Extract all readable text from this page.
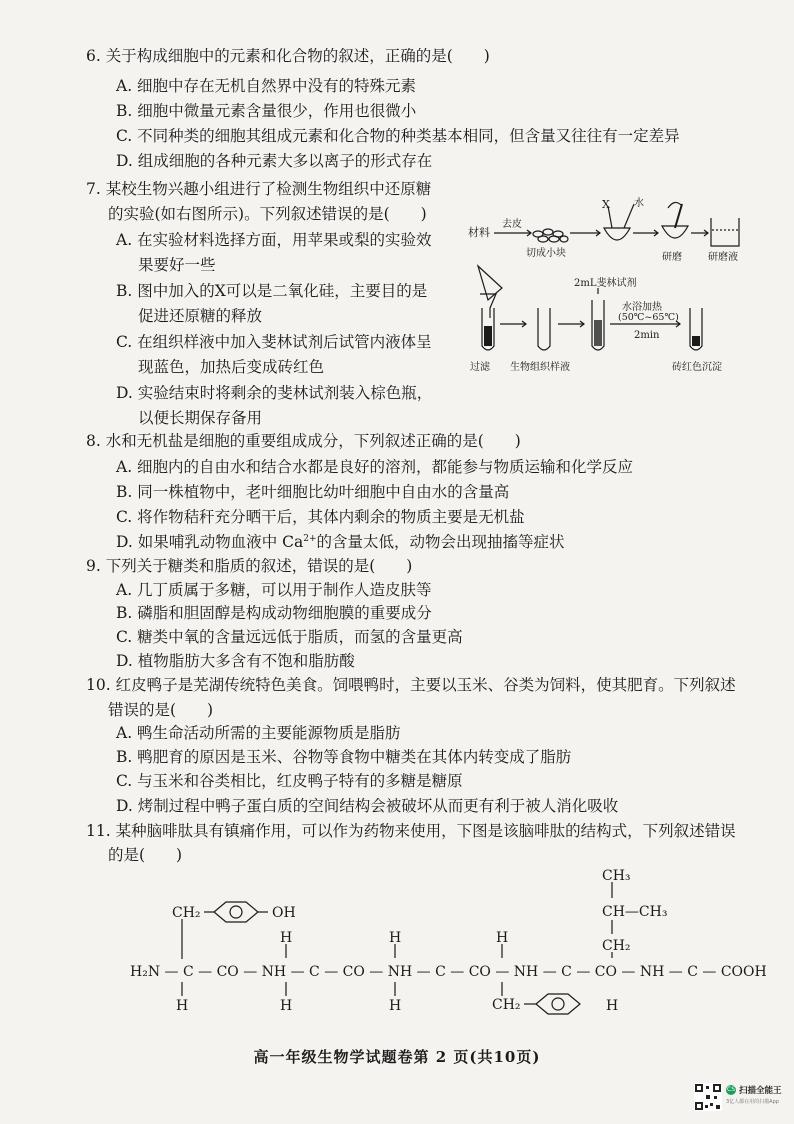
6. 关于构成细胞中的元素和化合物的叙述，正确的是(　　)
A. 细胞中存在无机自然界中没有的特殊元素
B. 细胞中微量元素含量很少，作用也很微小
C. 不同种类的细胞其组成元素和化合物的种类基本相同，但含量又往往有一定差异
D. 组成细胞的各种元素大多以离子的形式存在
7. 某校生物兴趣小组进行了检测生物组织中还原糖
的实验(如右图所示)。下列叙述错误的是(　　)
A. 在实验材料选择方面，用苹果或梨的实验效
果要好一些
B. 图中加入的X可以是二氧化硅，主要目的是
促进还原糖的释放
C. 在组织样液中加入斐林试剂后试管内液体呈
现蓝色，加热后变成砖红色
D. 实验结束时将剩余的斐林试剂装入棕色瓶，
以便长期保存备用
材料
去皮
切成小块
X 水
研磨	研磨液
2mL斐林试剂
水浴加热
(50℃~65℃)
2min
过滤 生物组织样液	砖红色沉淀
8. 水和无机盐是细胞的重要组成成分，下列叙述正确的是(　　)
A. 细胞内的自由水和结合水都是良好的溶剂，都能参与物质运输和化学反应
B. 同一株植物中，老叶细胞比幼叶细胞中自由水的含量高
C. 将作物秸秆充分晒干后，其体内剩余的物质主要是无机盐
D. 如果哺乳动物血液中 $Ca^{2+}$的含量太低，动物会出现抽搐等症状
9. 下列关于糖类和脂质的叙述，错误的是(　　)
A. 几丁质属于多糖，可以用于制作人造皮肤等
B. 磷脂和胆固醇是构成动物细胞膜的重要成分
C. 糖类中氧的含量远远低于脂质，而氢的含量更高
D. 植物脂肪大多含有不饱和脂肪酸
10. 红皮鸭子是芜湖传统特色美食。饲喂鸭时，主要以玉米、谷类为饲料，使其肥育。下列叙述
错误的是(　　)
A. 鸭生命活动所需的主要能源物质是脂肪
B. 鸭肥育的原因是玉米、谷物等食物中糖类在其体内转变成了脂肪
C. 与玉米和谷类相比，红皮鸭子特有的多糖是糖原
D. 烤制过程中鸭子蛋白质的空间结构会被破坏从而更有利于被人消化吸收
11. 某种脑啡肽具有镇痛作用，可以作为药物来使用，下图是该脑啡肽的结构式，下列叙述错误
的是(　　)
CH₃
CH—CH₃
CH₂
CH₂	OH
H	H	H
H₂N — C — CO — NH — C — CO — NH — C — CO — NH — C — CO — NH — C — COOH
H	H	H	CH₂	H
高一年级生物学试题卷第 2 页(共10页)
CS 扫描全能王
3亿人都在用的扫描App
